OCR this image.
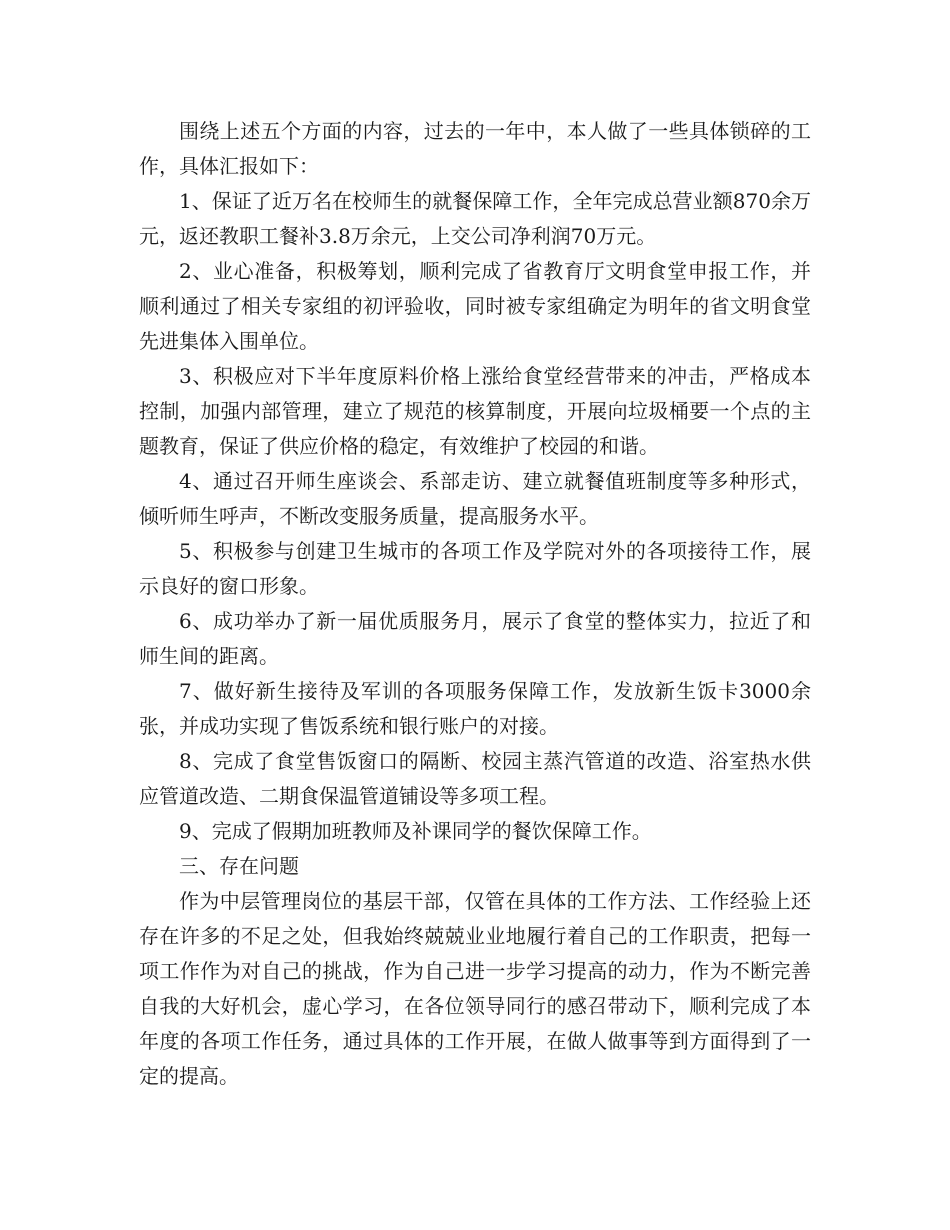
围绕上述五个方面的内容，过去的一年中，本人做了一些具体锁碎的工作，具体汇报如下：

1、保证了近万名在校师生的就餐保障工作，全年完成总营业额870余万元，返还教职工餐补3.8万余元，上交公司净利润70万元。

2、业心准备，积极筹划，顺利完成了省教育厅文明食堂申报工作，并顺利通过了相关专家组的初评验收，同时被专家组确定为明年的省文明食堂先进集体入围单位。

3、积极应对下半年度原料价格上涨给食堂经营带来的冲击，严格成本控制，加强内部管理，建立了规范的核算制度，开展向垃圾桶要一个点的主题教育，保证了供应价格的稳定，有效维护了校园的和谐。

4、通过召开师生座谈会、系部走访、建立就餐值班制度等多种形式，倾听师生呼声，不断改变服务质量，提高服务水平。

5、积极参与创建卫生城市的各项工作及学院对外的各项接待工作，展示良好的窗口形象。

6、成功举办了新一届优质服务月，展示了食堂的整体实力，拉近了和师生间的距离。

7、做好新生接待及军训的各项服务保障工作，发放新生饭卡3000余张，并成功实现了售饭系统和银行账户的对接。

8、完成了食堂售饭窗口的隔断、校园主蒸汽管道的改造、浴室热水供应管道改造、二期食保温管道铺设等多项工程。

9、完成了假期加班教师及补课同学的餐饮保障工作。

三、存在问题

作为中层管理岗位的基层干部，仅管在具体的工作方法、工作经验上还存在许多的不足之处，但我始终兢兢业业地履行着自己的工作职责，把每一项工作作为对自己的挑战，作为自己进一步学习提高的动力，作为不断完善自我的大好机会，虚心学习，在各位领导同行的感召带动下，顺利完成了本年度的各项工作任务，通过具体的工作开展，在做人做事等到方面得到了一定的提高。
